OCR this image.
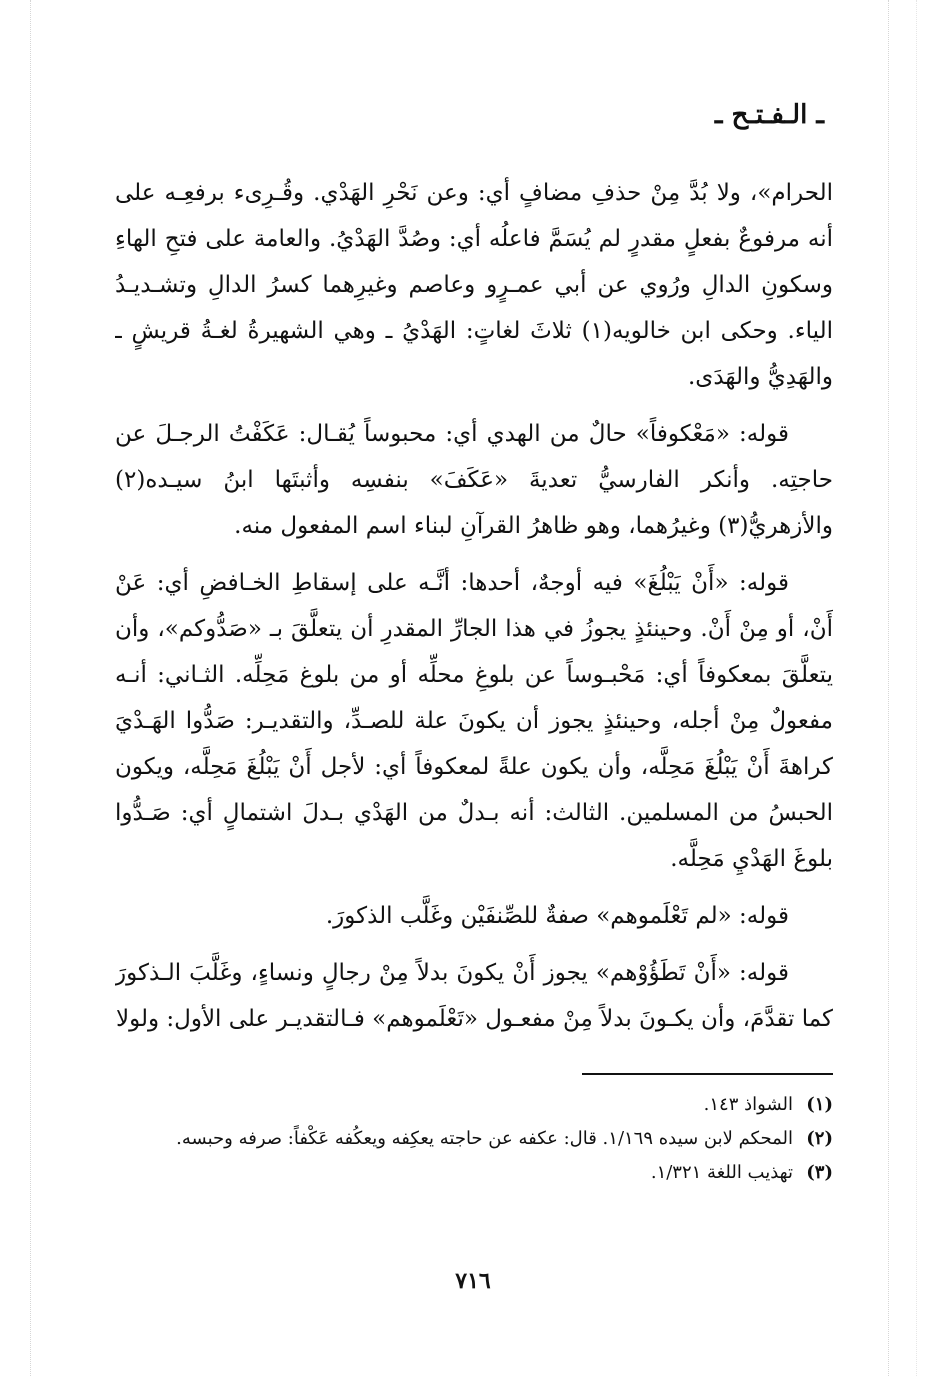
ـ الـفـتـح ـ

الحرام»، ولا بُدَّ مِنْ حذفِ مضافٍ أي: وعن نَحْرِ الهَدْي. وقُـرِىء برفعِـه على أنه مرفوعٌ بفعلٍ مقدرٍ لم يُسَمَّ فاعلُه أي: وصُدَّ الهَدْيُ. والعامة على فتحِ الهاءِ وسكونِ الدالِ ورُوي عن أبي عمـرٍو وعاصم وغيرِهما كسرُ الدالِ وتشـديـدُ الياء. وحكى ابن خالويه(١) ثلاثَ لغاتٍ: الهَدْيُ ـ وهي الشهيرةُ لغـةُ قريشٍ ـ والهَدِيُّ والهَدَى.

قوله: «مَعْكوفاً» حالٌ من الهدي أي: محبوساً يُقـال: عَكَفْتُ الرجـلَ عن حاجتِه. وأنكر الفارسيُّ تعديةَ «عَكَفَ» بنفسِه وأثبتَها ابنُ سيـده(٢) والأزهريُّ(٣) وغيرُهما، وهو ظاهرُ القرآنِ لبناء اسم المفعول منه.

قوله: «أَنْ يَبْلُغَ» فيه أوجهٌ، أحدها: أنَّـه على إسقاطِ الخـافضِ أي: عَنْ أَنْ، أو مِنْ أَنْ. وحينئذٍ يجوزُ في هذا الجارِّ المقدرِ أن يتعلَّقَ بـ «صَدُّوكم»، وأن يتعلَّقَ بمعكوفاً أي: مَحْبـوساً عن بلوغِ محلِّه أو من بلوغ مَحِلِّه. الثـاني: أنـه مفعولٌ مِنْ أجله، وحينئذٍ يجوز أن يكونَ علة للصـدِّ، والتقديـر: صَدُّوا الهَـدْيَ كراهةَ أَنْ يَبْلُغَ مَحِلَّه، وأن يكون علةً لمعكوفاً أي: لأجل أَنْ يَبْلُغَ مَحِلَّه، ويكون الحبسُ من المسلمين. الثالث: أنه بـدلٌ من الهَدْي بـدلَ اشتمالٍ أي: صَـدُّوا بلوغَ الهَدْيِ مَحِلَّه.

قوله: «لم تَعْلَموهم» صفةٌ للصِّنفَيْن وغَلَّب الذكورَ.

قوله: «أَنْ تَطَؤُوْهم» يجوز أَنْ يكونَ بدلاً مِنْ رجالٍ ونساءٍ، وغَلَّبَ الـذكورَ كما تقدَّمَ، وأن يكـونَ بدلاً مِنْ مفعـول «تَعْلَموهم» فـالتقديـر على الأول: ولولا

(١)
الشواذ ١٤٣.
(٢)
المحكم لابن سيده ١/١٦٩. قال: عكفه عن حاجته يعكِفه ويعكُفه عَكْفاً: صرفه وحبسه.
(٣)
تهذيب اللغة ١/٣٢١.
٧١٦
